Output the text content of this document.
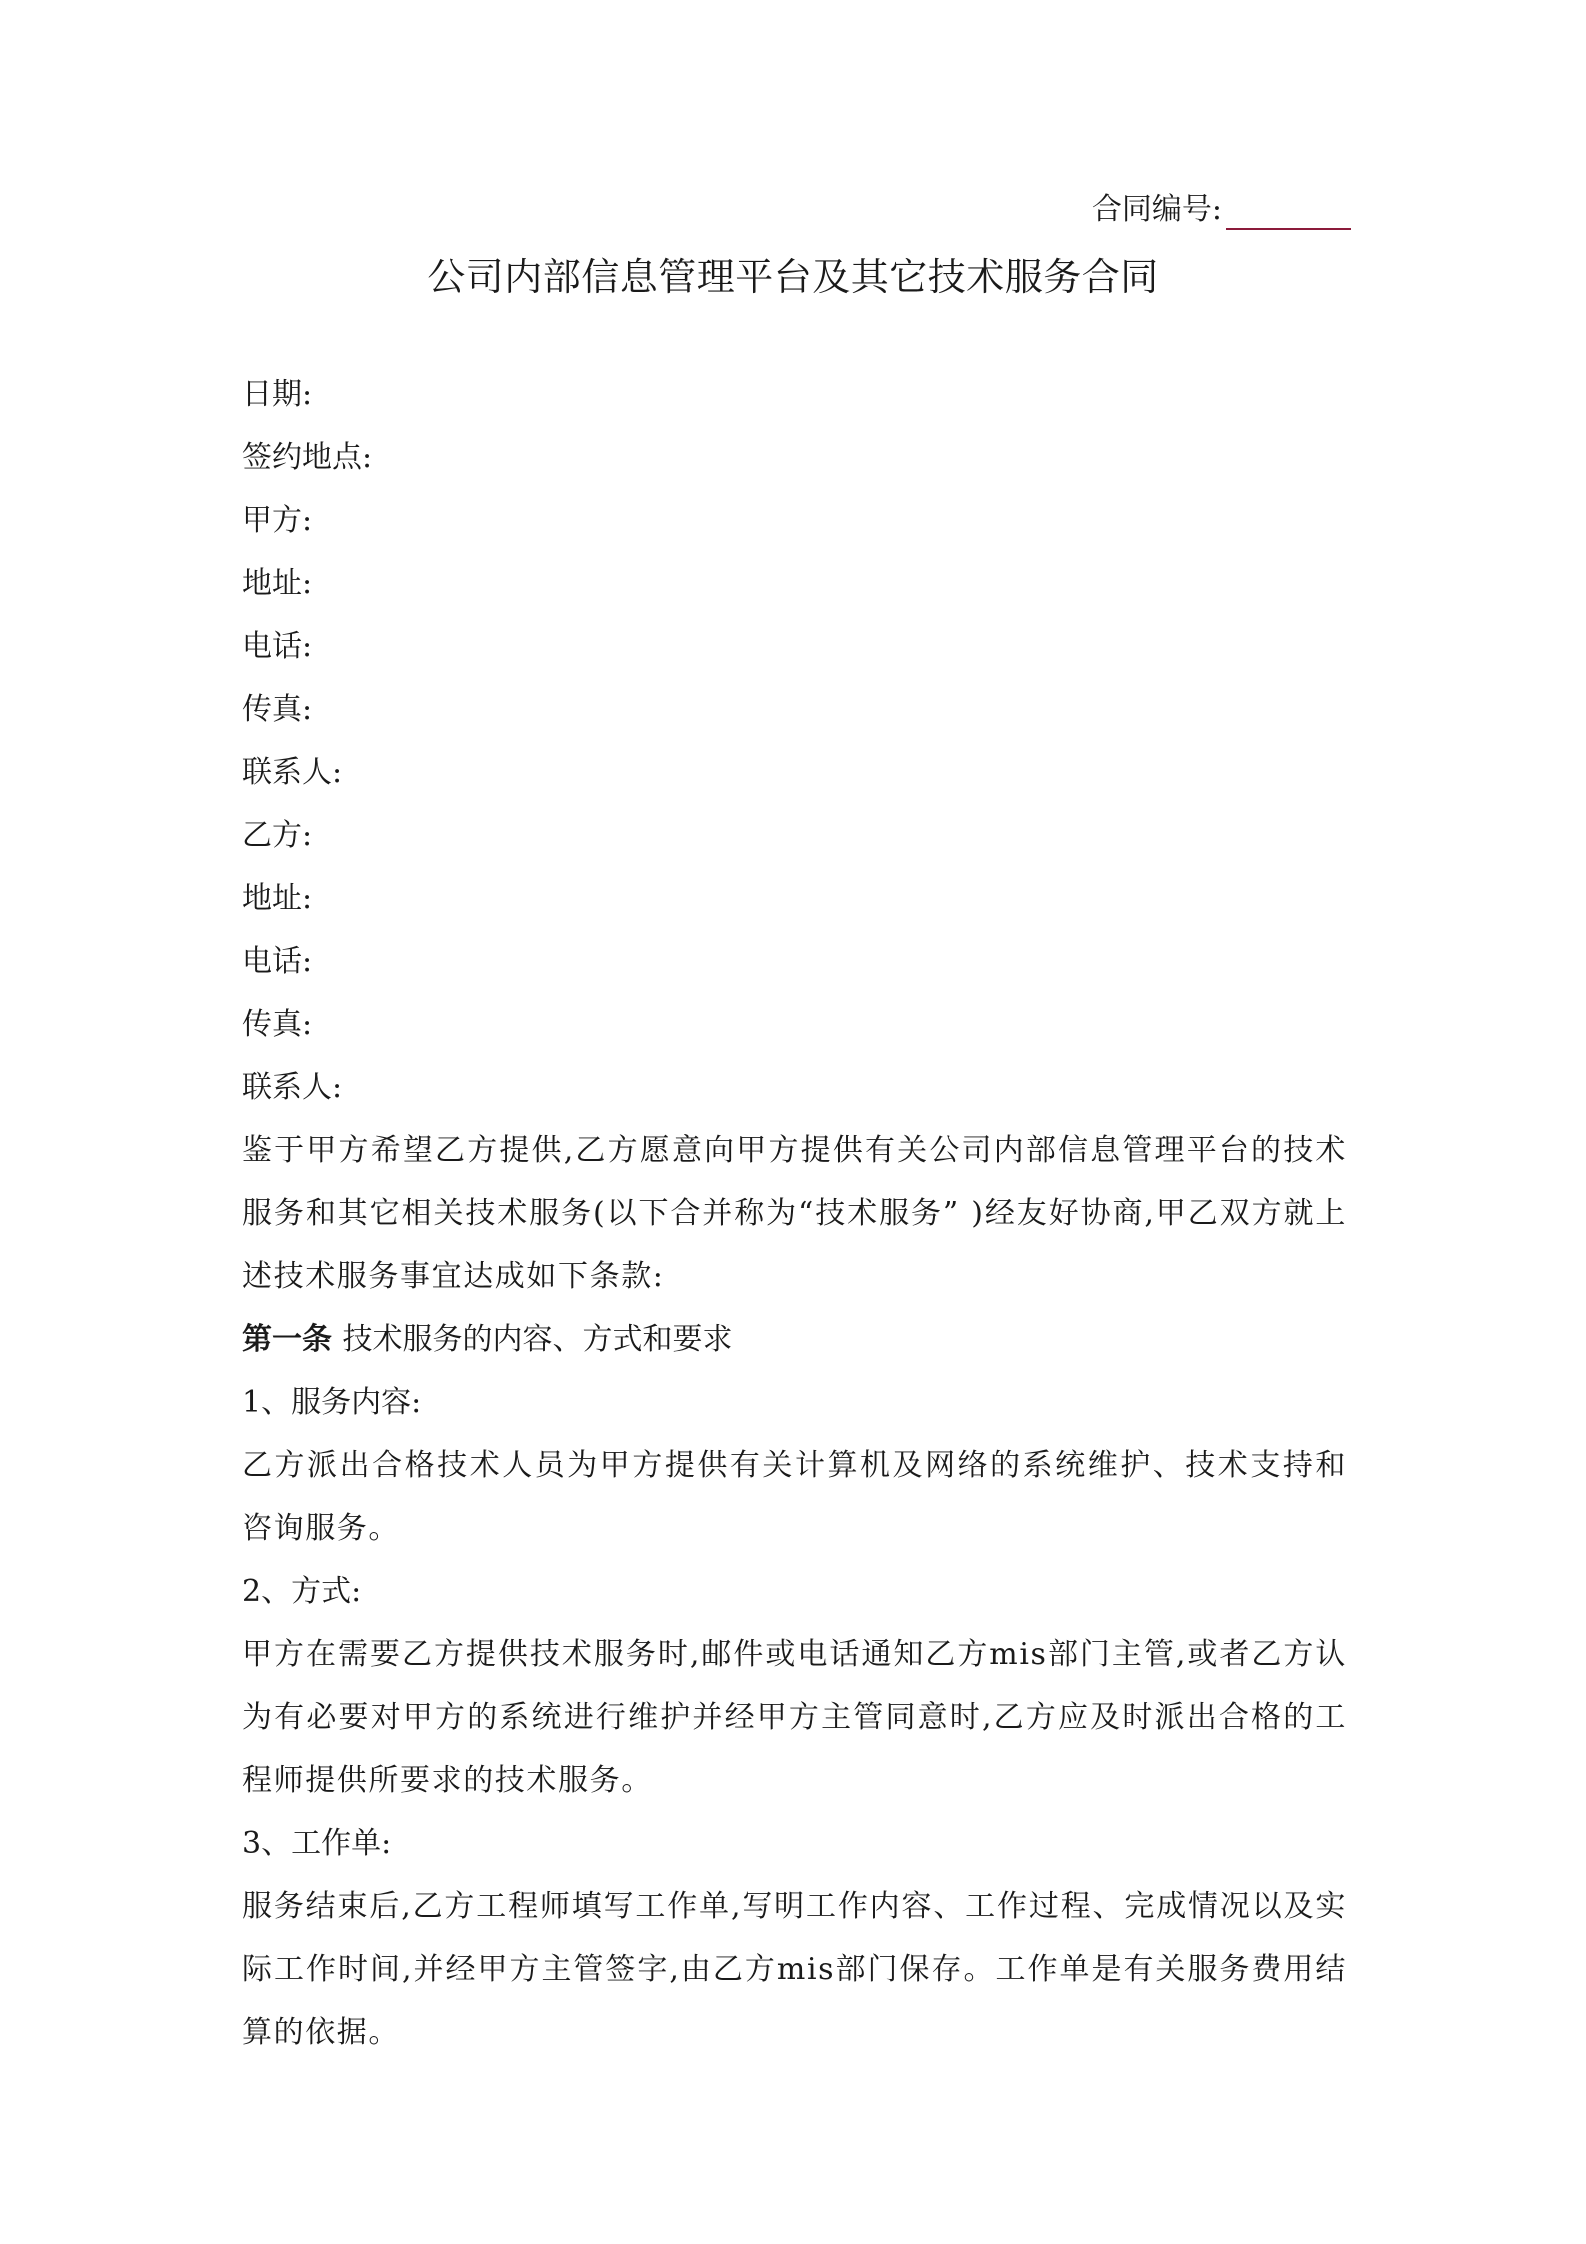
合同编号:
公司内部信息管理平台及其它技术服务合同
日期:
签约地点:
甲方:
地址:
电话:
传真:
联系人:
乙方:
地址:
电话:
传真:
联系人:
鉴于甲方希望乙方提供,乙方愿意向甲方提供有关公司内部信息管理平台的技术服务和其它相关技术服务(以下合并称为“技术服务” )经友好协商,甲乙双方就上述技术服务事宜达成如下条款:
第一条 技术服务的内容、方式和要求
1、服务内容:
乙方派出合格技术人员为甲方提供有关计算机及网络的系统维护、技术支持和咨询服务。
2、方式:
甲方在需要乙方提供技术服务时,邮件或电话通知乙方mis部门主管,或者乙方认为有必要对甲方的系统进行维护并经甲方主管同意时,乙方应及时派出合格的工程师提供所要求的技术服务。
3、工作单:
服务结束后,乙方工程师填写工作单,写明工作内容、工作过程、完成情况以及实际工作时间,并经甲方主管签字,由乙方mis部门保存。工作单是有关服务费用结算的依据。
